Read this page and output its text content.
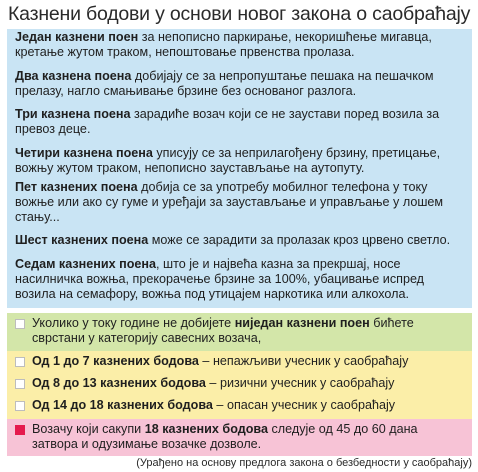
Казнени бодови у основи новог закона о саобраћају

Један казнени поен за непописно паркирање, некоришћење мигавца, кретање жутом траком, непоштовање првенства пролаза.

Два казнена поена добијају се за непропуштање пешака на пешачком прелазу, нагло смањивање брзине без основаног разлога.

Три казнена поена зарадиће возач који се не заустави поред возила за превоз деце.

Четири казнена поена уписују се за неприлагођену брзину, претицање, вожњу жутом траком, непописно заустављање на аутопуту.

Пет казнених поена добија се за употребу мобилног телефона у току вожње или ако су гуме и уређаји за заустављање и управљање у лошем стању...

Шест казнених поена може се зарадити за пролазак кроз црвено светло.

Седам казнених поена, што је и највећа казна за прекршај, носе насилничка вожња, прекорачење брзине за 100%, убацивање испред возила на семафору, вожња под утицајем наркотика или алкохола.

Уколико у току године не добијете ниједан казнени поен бићете сврстани у категорију савесних возача,
Од 1 до 7 казнених бодова – непажљиви учесник у саобраћају
Од 8 до 13 казнених бодова – ризични учесник у саобраћају
Од 14 до 18 казнених бодова – опасан учесник у саобраћају
Возачу који сакупи 18 казнених бодова следује од 45 до 60 дана затвора и одузимање возачке дозволе.
(Урађено на основу предлога закона о безбедности у саобраћају)
